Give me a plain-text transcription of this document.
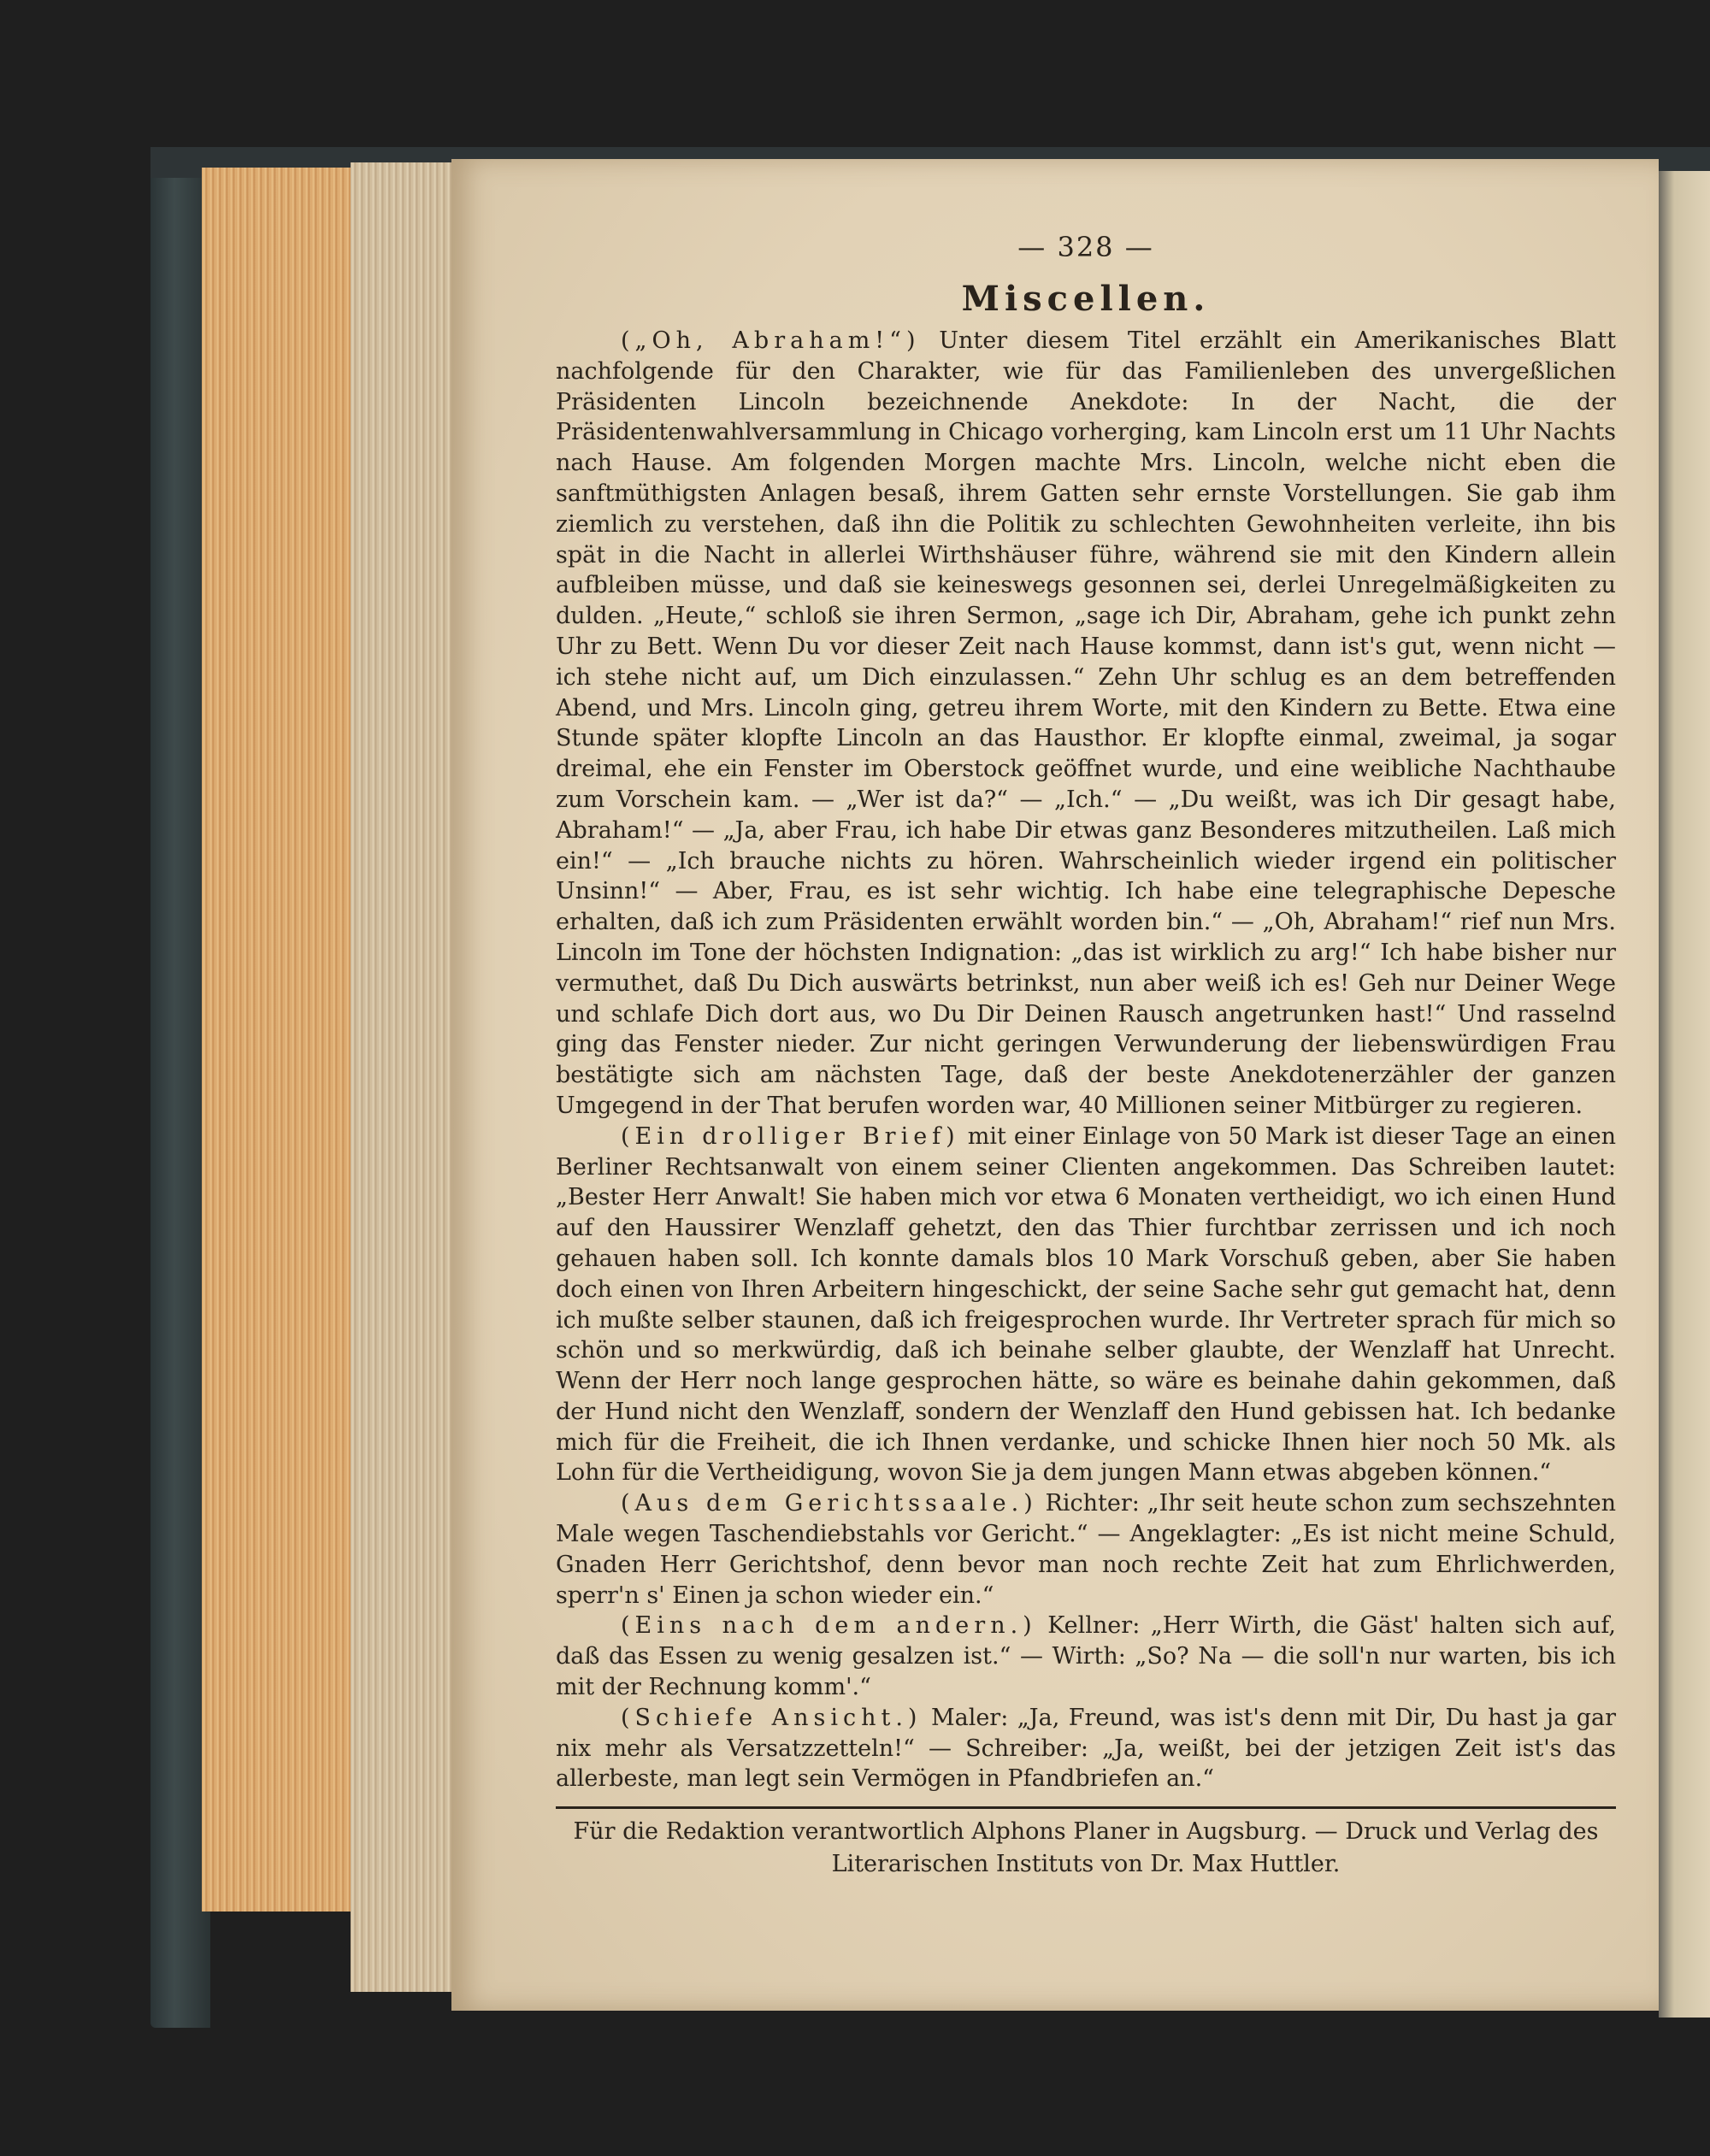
— 328 —
Miscellen.

(„Oh, Abraham!“) Unter diesem Titel erzählt ein Amerikanisches Blatt nachfolgende für den Charakter, wie für das Familienleben des unvergeßlichen Präsidenten Lincoln bezeichnende Anekdote: In der Nacht, die der Präsidentenwahlversammlung in Chicago vorherging, kam Lincoln erst um 11 Uhr Nachts nach Hause. Am folgenden Morgen machte Mrs. Lincoln, welche nicht eben die sanftmüthigsten Anlagen besaß, ihrem Gatten sehr ernste Vorstellungen. Sie gab ihm ziemlich zu verstehen, daß ihn die Politik zu schlechten Gewohnheiten verleite, ihn bis spät in die Nacht in allerlei Wirthshäuser führe, während sie mit den Kindern allein aufbleiben müsse, und daß sie keineswegs gesonnen sei, derlei Unregelmäßigkeiten zu dulden. „Heute,“ schloß sie ihren Sermon, „sage ich Dir, Abraham, gehe ich punkt zehn Uhr zu Bett. Wenn Du vor dieser Zeit nach Hause kommst, dann ist's gut, wenn nicht — ich stehe nicht auf, um Dich einzulassen.“ Zehn Uhr schlug es an dem betreffenden Abend, und Mrs. Lincoln ging, getreu ihrem Worte, mit den Kindern zu Bette. Etwa eine Stunde später klopfte Lincoln an das Hausthor. Er klopfte einmal, zweimal, ja sogar dreimal, ehe ein Fenster im Oberstock geöffnet wurde, und eine weibliche Nachthaube zum Vorschein kam. — „Wer ist da?“ — „Ich.“ — „Du weißt, was ich Dir gesagt habe, Abraham!“ — „Ja, aber Frau, ich habe Dir etwas ganz Besonderes mitzutheilen. Laß mich ein!“ — „Ich brauche nichts zu hören. Wahrscheinlich wieder irgend ein politischer Unsinn!“ — Aber, Frau, es ist sehr wichtig. Ich habe eine telegraphische Depesche erhalten, daß ich zum Präsidenten erwählt worden bin.“ — „Oh, Abraham!“ rief nun Mrs. Lincoln im Tone der höchsten Indignation: „das ist wirklich zu arg!“ Ich habe bisher nur vermuthet, daß Du Dich auswärts betrinkst, nun aber weiß ich es! Geh nur Deiner Wege und schlafe Dich dort aus, wo Du Dir Deinen Rausch angetrunken hast!“ Und rasselnd ging das Fenster nieder. Zur nicht geringen Verwunderung der liebenswürdigen Frau bestätigte sich am nächsten Tage, daß der beste Anekdotenerzähler der ganzen Umgegend in der That berufen worden war, 40 Millionen seiner Mitbürger zu regieren.

(Ein drolliger Brief) mit einer Einlage von 50 Mark ist dieser Tage an einen Berliner Rechtsanwalt von einem seiner Clienten angekommen. Das Schreiben lautet: „Bester Herr Anwalt! Sie haben mich vor etwa 6 Monaten vertheidigt, wo ich einen Hund auf den Haussirer Wenzlaff gehetzt, den das Thier furchtbar zerrissen und ich noch gehauen haben soll. Ich konnte damals blos 10 Mark Vorschuß geben, aber Sie haben doch einen von Ihren Arbeitern hingeschickt, der seine Sache sehr gut gemacht hat, denn ich mußte selber staunen, daß ich freigesprochen wurde. Ihr Vertreter sprach für mich so schön und so merkwürdig, daß ich beinahe selber glaubte, der Wenzlaff hat Unrecht. Wenn der Herr noch lange gesprochen hätte, so wäre es beinahe dahin gekommen, daß der Hund nicht den Wenzlaff, sondern der Wenzlaff den Hund gebissen hat. Ich bedanke mich für die Freiheit, die ich Ihnen verdanke, und schicke Ihnen hier noch 50 Mk. als Lohn für die Vertheidigung, wovon Sie ja dem jungen Mann etwas abgeben können.“

(Aus dem Gerichtssaale.) Richter: „Ihr seit heute schon zum sechszehnten Male wegen Taschendiebstahls vor Gericht.“ — Angeklagter: „Es ist nicht meine Schuld, Gnaden Herr Gerichtshof, denn bevor man noch rechte Zeit hat zum Ehrlichwerden, sperr'n s' Einen ja schon wieder ein.“

(Eins nach dem andern.) Kellner: „Herr Wirth, die Gäst' halten sich auf, daß das Essen zu wenig gesalzen ist.“ — Wirth: „So? Na — die soll'n nur warten, bis ich mit der Rechnung komm'.“

(Schiefe Ansicht.) Maler: „Ja, Freund, was ist's denn mit Dir, Du hast ja gar nix mehr als Versatzzetteln!“ — Schreiber: „Ja, weißt, bei der jetzigen Zeit ist's das allerbeste, man legt sein Vermögen in Pfandbriefen an.“

Für die Redaktion verantwortlich Alphons Planer in Augsburg. — Druck und Verlag des
Literarischen Instituts von Dr. Max Huttler.
